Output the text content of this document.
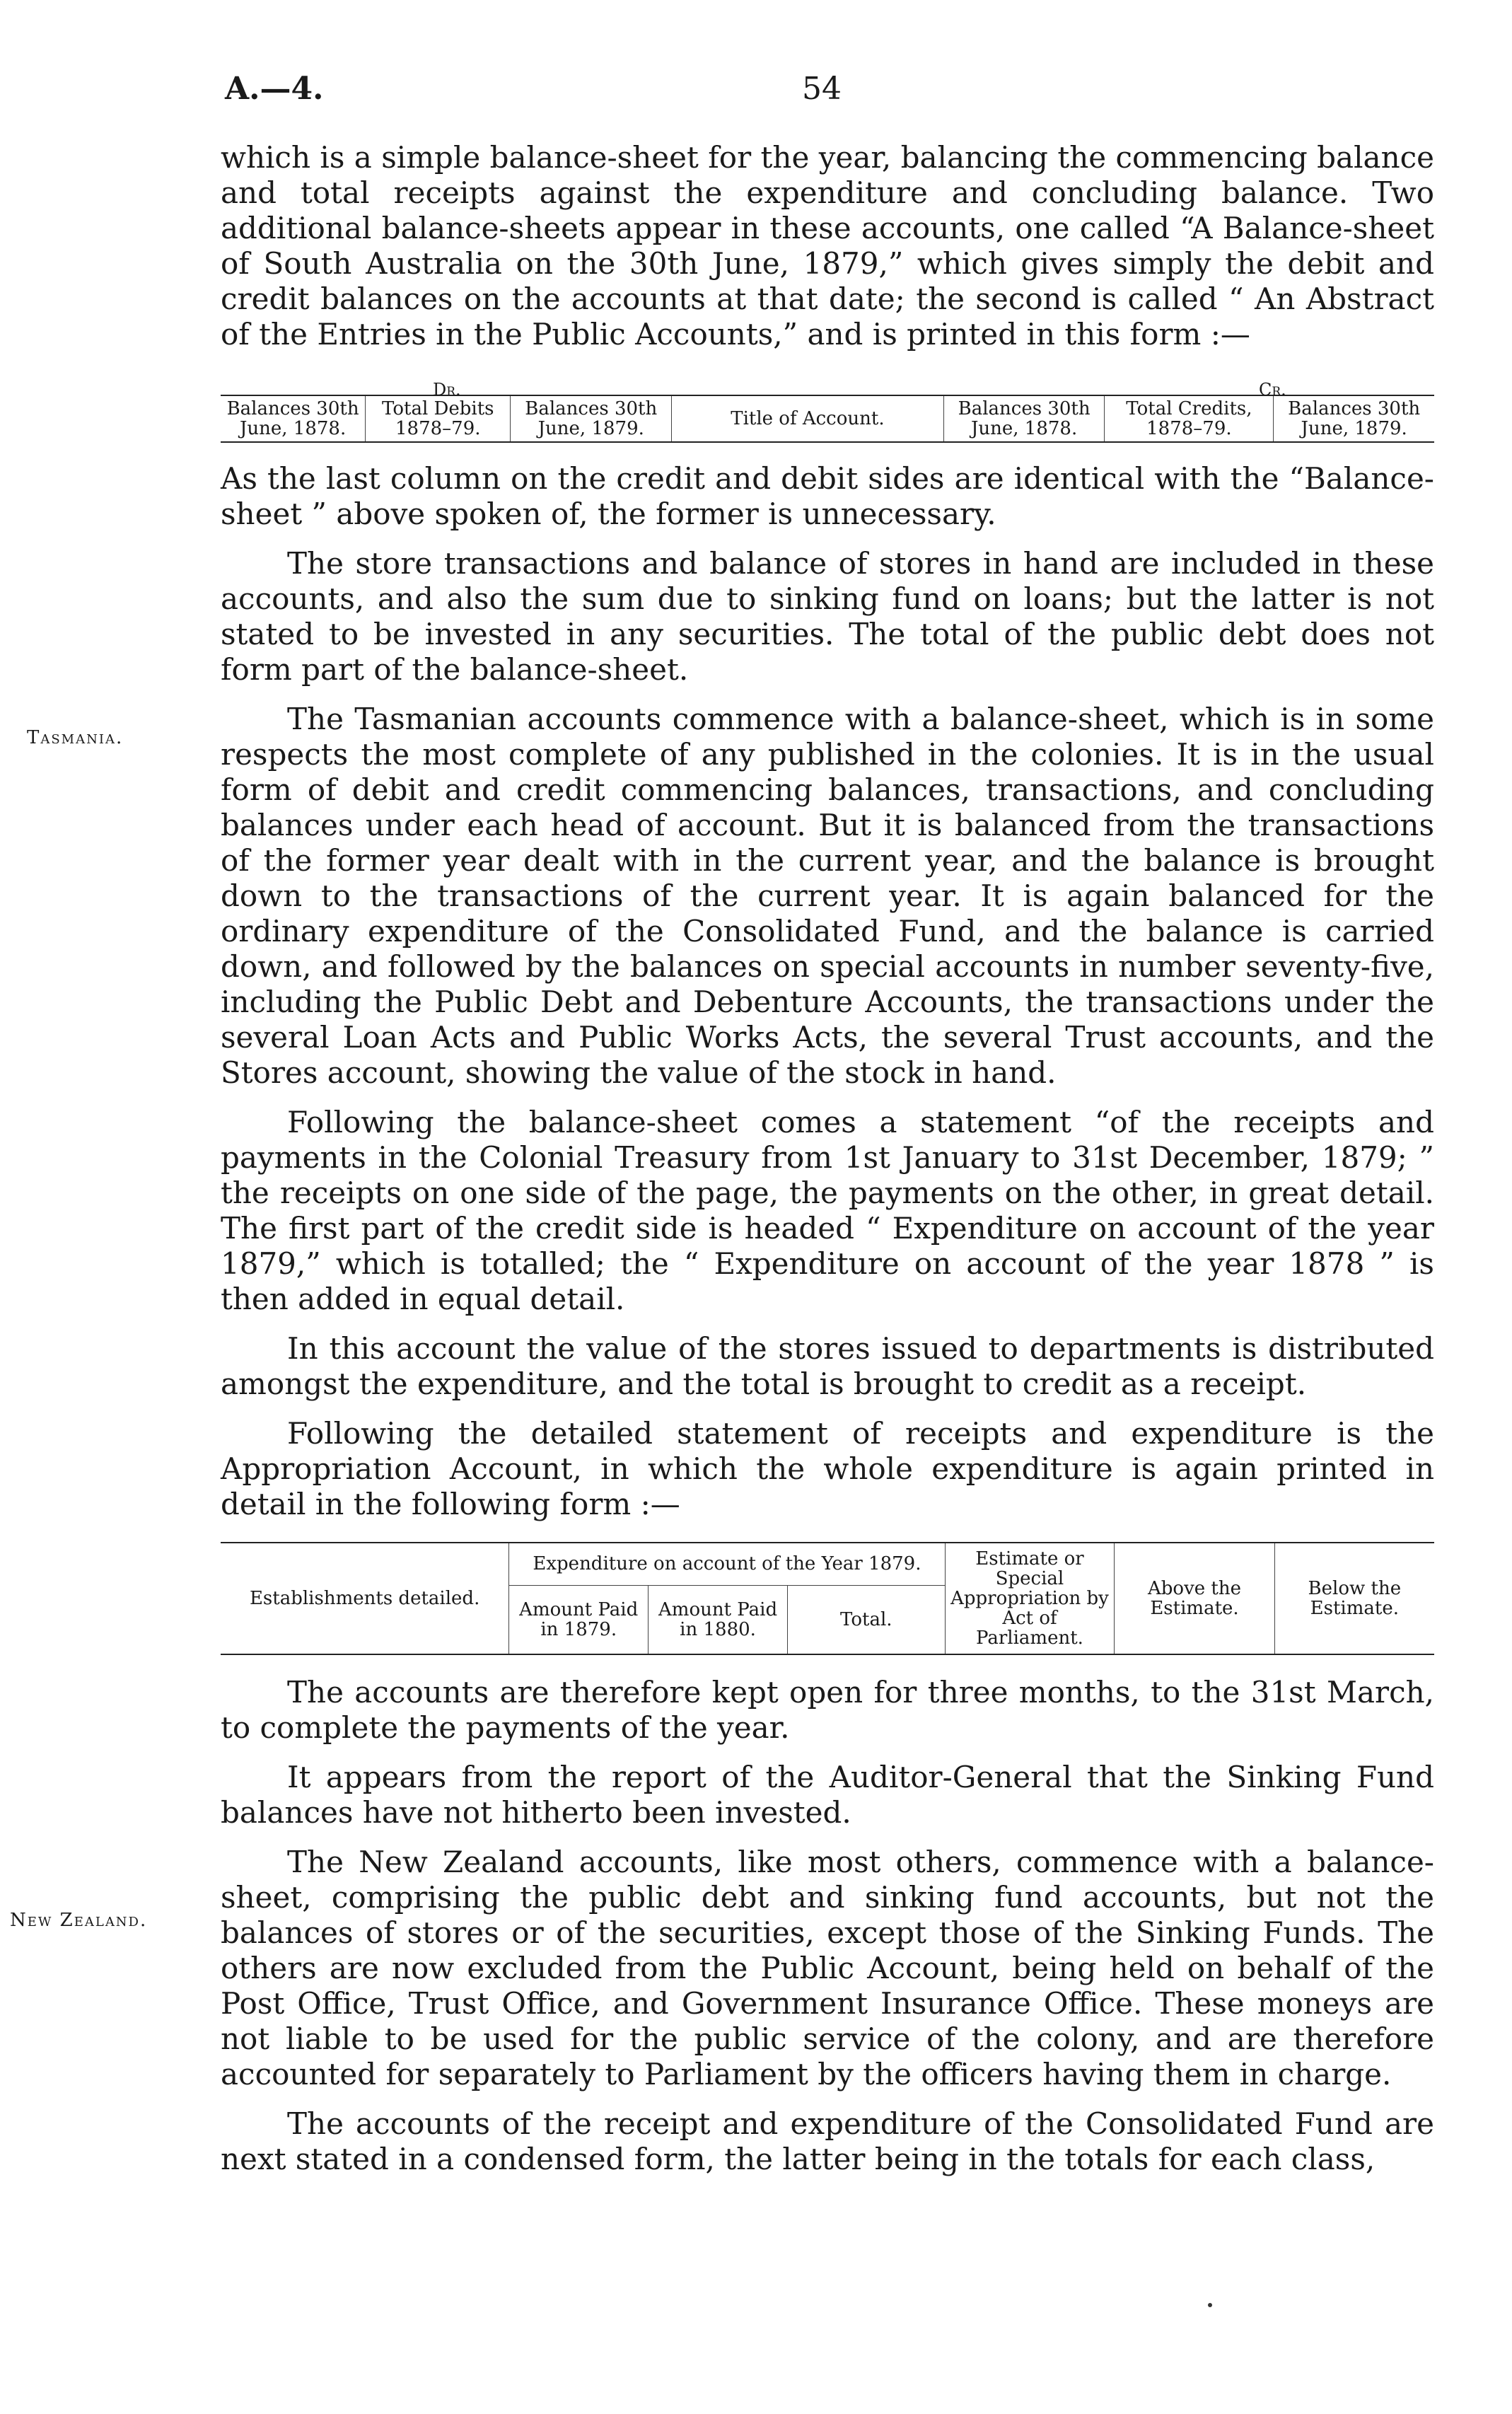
A.—4.	54
Tasmania.
New Zealand.

which is a simple balance-sheet for the year, balancing the commencing balance and total receipts against the expenditure and concluding balance. Two additional balance-sheets appear in these accounts, one called “A Balance-sheet of South Australia on the 30th June, 1879,” which gives simply the debit and credit balances on the accounts at that date; the second is called “ An Abstract of the Entries in the Public Accounts,” and is printed in this form :—

Dr.	Cr.
Balances 30th June, 1878.	Total Debits 1878–79.	Balances 30th June, 1879.	Title of Account.	Balances 30th June, 1878.	Total Credits, 1878–79.	Balances 30th June, 1879.

As the last column on the credit and debit sides are identical with the “Balance-sheet ” above spoken of, the former is unnecessary.

The store transactions and balance of stores in hand are included in these accounts, and also the sum due to sinking fund on loans; but the latter is not stated to be invested in any securities. The total of the public debt does not form part of the balance-sheet.

The Tasmanian accounts commence with a balance-sheet, which is in some respects the most complete of any published in the colonies. It is in the usual form of debit and credit commencing balances, transactions, and concluding balances under each head of account. But it is balanced from the transactions of the former year dealt with in the current year, and the balance is brought down to the transactions of the current year. It is again balanced for the ordinary expenditure of the Consolidated Fund, and the balance is carried down, and followed by the balances on special accounts in number seventy-five, including the Public Debt and Debenture Accounts, the transactions under the several Loan Acts and Public Works Acts, the several Trust accounts, and the Stores account, showing the value of the stock in hand.

Following the balance-sheet comes a statement “of the receipts and payments in the Colonial Treasury from 1st January to 31st December, 1879; ” the receipts on one side of the page, the payments on the other, in great detail. The first part of the credit side is headed “ Expenditure on account of the year 1879,” which is totalled; the “ Expenditure on account of the year 1878 ” is then added in equal detail.

In this account the value of the stores issued to departments is distributed amongst the expenditure, and the total is brought to credit as a receipt.

Following the detailed statement of receipts and expenditure is the Appropriation Account, in which the whole expenditure is again printed in detail in the following form :—

Establishments detailed.	Expenditure on account of the Year 1879.			Estimate or Special Appropriation by Act of Parliament.	Above the Estimate.	Below the Estimate.
	Amount Paid in 1879.	Amount Paid in 1880.	Total.			

The accounts are therefore kept open for three months, to the 31st March, to complete the payments of the year.

It appears from the report of the Auditor-General that the Sinking Fund balances have not hitherto been invested.

The New Zealand accounts, like most others, commence with a balance-sheet, comprising the public debt and sinking fund accounts, but not the balances of stores or of the securities, except those of the Sinking Funds. The others are now excluded from the Public Account, being held on behalf of the Post Office, Trust Office, and Government Insurance Office. These moneys are not liable to be used for the public service of the colony, and are therefore accounted for separately to Parliament by the officers having them in charge.

The accounts of the receipt and expenditure of the Consolidated Fund are next stated in a condensed form, the latter being in the totals for each class,
